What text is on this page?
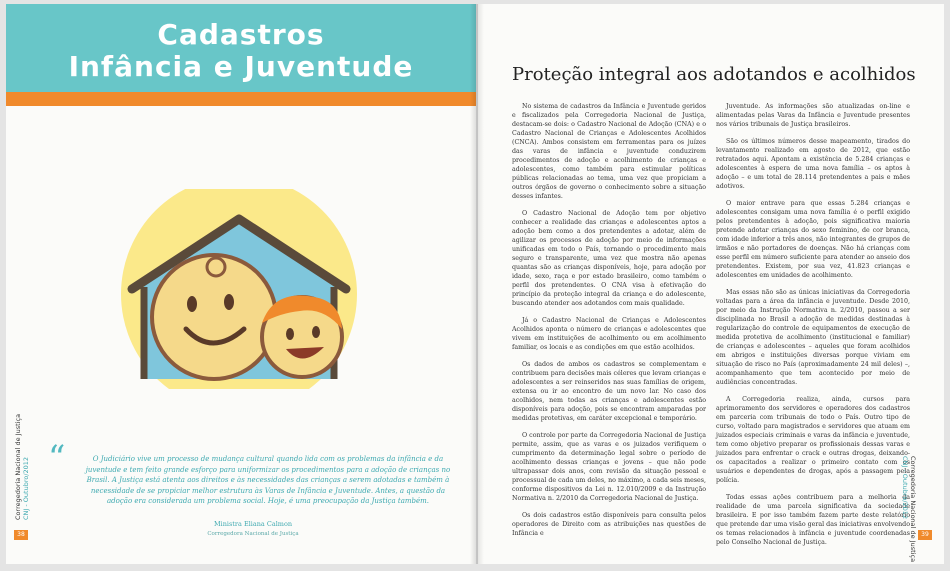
Cadastros
Infância e Juventude
“	O Judiciário vive um processo de mudança cultural quando lida com os problemas da infância e da juventude e tem feito grande esforço para uniformizar os procedimentos para a adoção de crianças no Brasil. A Justiça está atenta aos direitos e às necessidades das crianças a serem adotadas e também à necessidade de se propiciar melhor estrutura às Varas de Infância e Juventude. Antes, a questão da adoção era considerada um problema social. Hoje, é uma preocupação da Justiça também.
Ministra Eliana Calmon
Corregedora Nacional de Justiça
Corregedoria Nacional de Justiça CNJ - Outubro/2012
38
Proteção integral aos adotandos e acolhidos

No sistema de cadastros da Infância e Juventude geridos e fiscalizados pela Corregedoria Nacional de Justiça, destacam-se dois: o Cadastro Nacional de Adoção (CNA) e o Cadastro Nacional de Crianças e Adolescentes Acolhidos (CNCA). Ambos consistem em ferramentas para os juízes das varas de infância e juventude conduzirem procedimentos de adoção e acolhimento de crianças e adolescentes, como também para estimular políticas públicas relacionadas ao tema, uma vez que propiciam a outros órgãos de governo o conhecimento sobre a situação desses infantes.

O Cadastro Nacional de Adoção tem por objetivo conhecer a realidade das crianças e adolescentes aptos a adoção bem como a dos pretendentes a adotar, além de agilizar os processos de adoção por meio de informações unificadas em todo o País, tornando o procedimento mais seguro e transparente, uma vez que mostra não apenas quantas são as crianças disponíveis, hoje, para adoção por idade, sexo, raça e por estado brasileiro, como também o perfil dos pretendentes. O CNA visa à efetivação do princípio da proteção integral da criança e do adolescente, buscando atender aos adotandos com mais qualidade.

Já o Cadastro Nacional de Crianças e Adolescentes Acolhidos aponta o número de crianças e adolescentes que vivem em instituições de acolhimento ou em acolhimento familiar, os locais e as condições em que estão acolhidos.

Os dados de ambos os cadastros se complementam e contribuem para decisões mais céleres que levam crianças e adolescentes a ser reinseridos nas suas famílias de origem, extensa ou ir ao encontro de um novo lar. No caso dos acolhidos, nem todas as crianças e adolescentes estão disponíveis para adoção, pois se encontram amparadas por medidas protetivas, em caráter excepcional e temporário.

O controle por parte da Corregedoria Nacional de Justiça permite, assim, que as varas e os juizados verifiquem o cumprimento da determinação legal sobre o período de acolhimento dessas crianças e jovens – que não pode ultrapassar dois anos, com revisão da situação pessoal e processual de cada um deles, no máximo, a cada seis meses, conforme dispositivos da Lei n. 12.010/2009 e da Instrução Normativa n. 2/2010 da Corregedoria Nacional de Justiça.

Os dois cadastros estão disponíveis para consulta pelos operadores de Direito com as atribuições nas questões de Infância e

Juventude. As informações são atualizadas on-line e alimentadas pelas Varas da Infância e Juventude presentes nos vários tribunais de Justiça brasileiros.

São os últimos números desse mapeamento, tirados do levantamento realizado em agosto de 2012, que estão retratados aqui. Apontam a existência de 5.284 crianças e adolescentes à espera de uma nova família – os aptos à adoção – e um total de 28.114 pretendentes a pais e mães adotivos.

O maior entrave para que essas 5.284 crianças e adolescentes consigam uma nova família é o perfil exigido pelos pretendentes à adoção, pois significativa maioria pretende adotar crianças do sexo feminino, de cor branca, com idade inferior a três anos, não integrantes de grupos de irmãos e não portadores de doenças. Não há crianças com esse perfil em número suficiente para atender ao anseio dos pretendentes. Existem, por sua vez, 41.823 crianças e adolescentes em unidades de acolhimento.

Mas essas não são as únicas iniciativas da Corregedoria voltadas para a área da infância e juventude. Desde 2010, por meio da Instrução Normativa n. 2/2010, passou a ser disciplinada no Brasil a adoção de medidas destinadas à regularização do controle de equipamentos de execução de medida protetiva de acolhimento (institucional e familiar) de crianças e adolescentes – aqueles que foram acolhidos em abrigos e instituições diversas porque viviam em situação de risco no País (aproximadamente 24 mil deles) –, acompanhamento que tem acontecido por meio de audiências concentradas.

A Corregedoria realiza, ainda, cursos para aprimoramento dos servidores e operadores dos cadastros em parceria com tribunais de todo o País. Outro tipo de curso, voltado para magistrados e servidores que atuam em juizados especiais criminais e varas da infância e juventude, tem como objetivo preparar os profissionais dessas varas e juizados para enfrentar o crack e outras drogas, deixando-os capacitados a realizar o primeiro contato com os usuários e dependentes de drogas, após a passagem pela polícia.

Todas essas ações contribuem para a melhoria da realidade de uma parcela significativa da sociedade brasileira. E por isso também fazem parte deste relatório que pretende dar uma visão geral das iniciativas envolvendo os temas relacionados à infância e juventude coordenadas pelo Conselho Nacional de Justiça.	Corregedoria Nacional de Justiça
CNJ - Outubro/2012
39
